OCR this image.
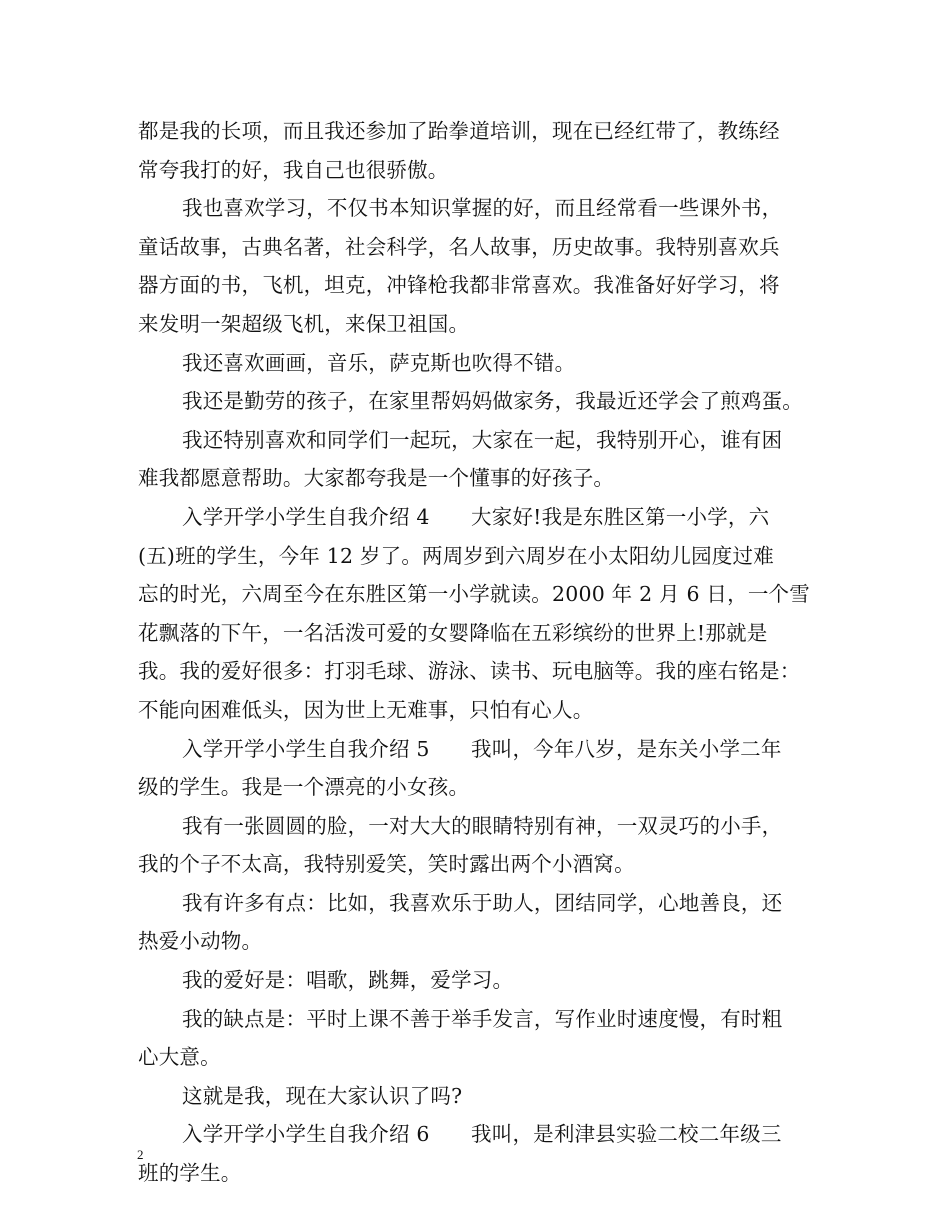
都是我的长项，而且我还参加了跆拳道培训，现在已经红带了，教练经
常夸我打的好，我自己也很骄傲。
我也喜欢学习，不仅书本知识掌握的好，而且经常看一些课外书，
童话故事，古典名著，社会科学，名人故事，历史故事。我特别喜欢兵
器方面的书，飞机，坦克，冲锋枪我都非常喜欢。我准备好好学习，将
来发明一架超级飞机，来保卫祖国。
我还喜欢画画，音乐，萨克斯也吹得不错。
我还是勤劳的孩子，在家里帮妈妈做家务，我最近还学会了煎鸡蛋。
我还特别喜欢和同学们一起玩，大家在一起，我特别开心，谁有困
难我都愿意帮助。大家都夸我是一个懂事的好孩子。
入学开学小学生自我介绍 4　　大家好!我是东胜区第一小学，六
(五)班的学生，今年 12 岁了。两周岁到六周岁在小太阳幼儿园度过难
忘的时光，六周至今在东胜区第一小学就读。2000 年 2 月 6 日，一个雪
花飘落的下午，一名活泼可爱的女婴降临在五彩缤纷的世界上!那就是
我。我的爱好很多：打羽毛球、游泳、读书、玩电脑等。我的座右铭是：
不能向困难低头，因为世上无难事，只怕有心人。
入学开学小学生自我介绍 5　　我叫，今年八岁，是东关小学二年
级的学生。我是一个漂亮的小女孩。
我有一张圆圆的脸，一对大大的眼睛特别有神，一双灵巧的小手，
我的个子不太高，我特别爱笑，笑时露出两个小酒窝。
我有许多有点：比如，我喜欢乐于助人，团结同学，心地善良，还
热爱小动物。
我的爱好是：唱歌，跳舞，爱学习。
我的缺点是：平时上课不善于举手发言，写作业时速度慢，有时粗
心大意。
这就是我，现在大家认识了吗?
入学开学小学生自我介绍 6　　我叫，是利津县实验二校二年级三
班的学生。
2
